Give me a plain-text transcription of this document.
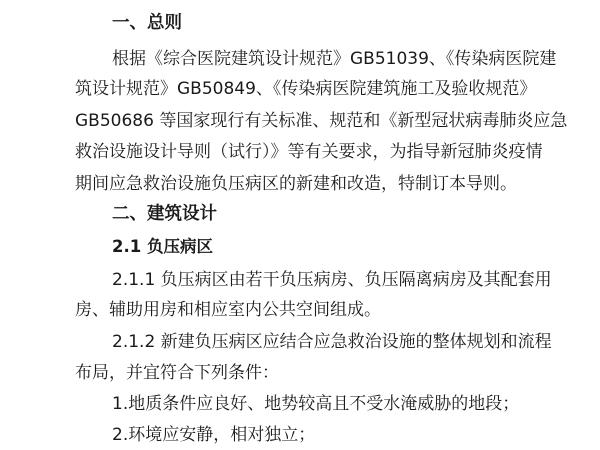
一、总则
根据《综合医院建筑设计规范》GB51039、《传染病医院建
筑设计规范》GB50849、《传染病医院建筑施工及验收规范》
GB50686 等国家现行有关标准、规范和《新型冠状病毒肺炎应急
救治设施设计导则（试行）》等有关要求，为指导新冠肺炎疫情
期间应急救治设施负压病区的新建和改造，特制订本导则。
二、建筑设计
2.1 负压病区
2.1.1 负压病区由若干负压病房、负压隔离病房及其配套用
房、辅助用房和相应室内公共空间组成。
2.1.2 新建负压病区应结合应急救治设施的整体规划和流程
布局，并宜符合下列条件：
1.地质条件应良好、地势较高且不受水淹威胁的地段；
2.环境应安静，相对独立；
